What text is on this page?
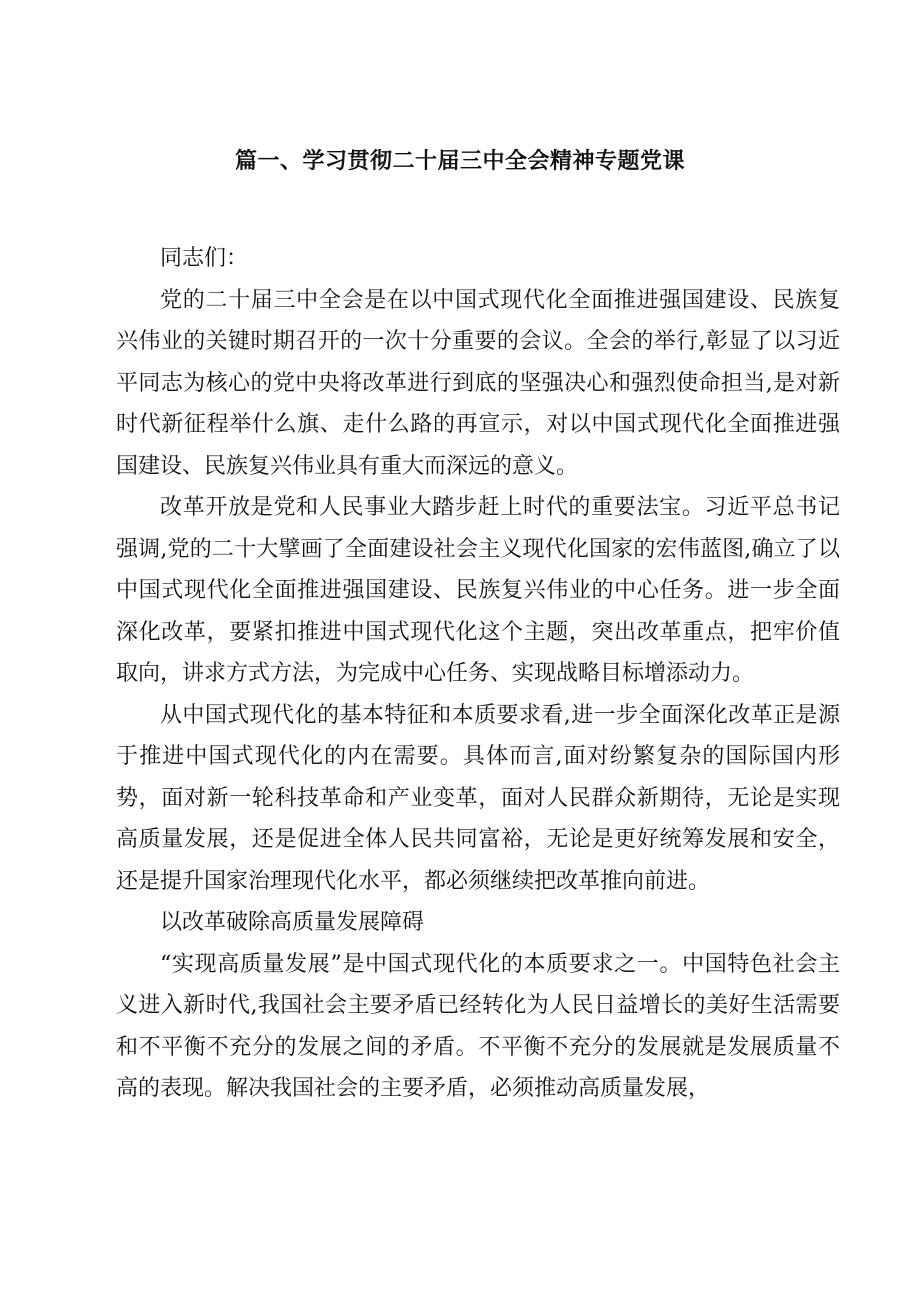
篇一、学习贯彻二十届三中全会精神专题党课

同志们：

党的二十届三中全会是在以中国式现代化全面推进强国建设、民族复兴伟业的关键时期召开的一次十分重要的会议。全会的举行,彰显了以习近平同志为核心的党中央将改革进行到底的坚强决心和强烈使命担当,是对新时代新征程举什么旗、走什么路的再宣示，对以中国式现代化全面推进强国建设、民族复兴伟业具有重大而深远的意义。

改革开放是党和人民事业大踏步赶上时代的重要法宝。习近平总书记强调,党的二十大擘画了全面建设社会主义现代化国家的宏伟蓝图,确立了以中国式现代化全面推进强国建设、民族复兴伟业的中心任务。进一步全面深化改革，要紧扣推进中国式现代化这个主题，突出改革重点，把牢价值取向，讲求方式方法，为完成中心任务、实现战略目标增添动力。

从中国式现代化的基本特征和本质要求看,进一步全面深化改革正是源于推进中国式现代化的内在需要。具体而言,面对纷繁复杂的国际国内形势，面对新一轮科技革命和产业变革，面对人民群众新期待，无论是实现高质量发展，还是促进全体人民共同富裕，无论是更好统筹发展和安全，还是提升国家治理现代化水平，都必须继续把改革推向前进。

以改革破除高质量发展障碍

“实现高质量发展”是中国式现代化的本质要求之一。中国特色社会主义进入新时代,我国社会主要矛盾已经转化为人民日益增长的美好生活需要和不平衡不充分的发展之间的矛盾。不平衡不充分的发展就是发展质量不高的表现。解决我国社会的主要矛盾，必须推动高质量发展，
